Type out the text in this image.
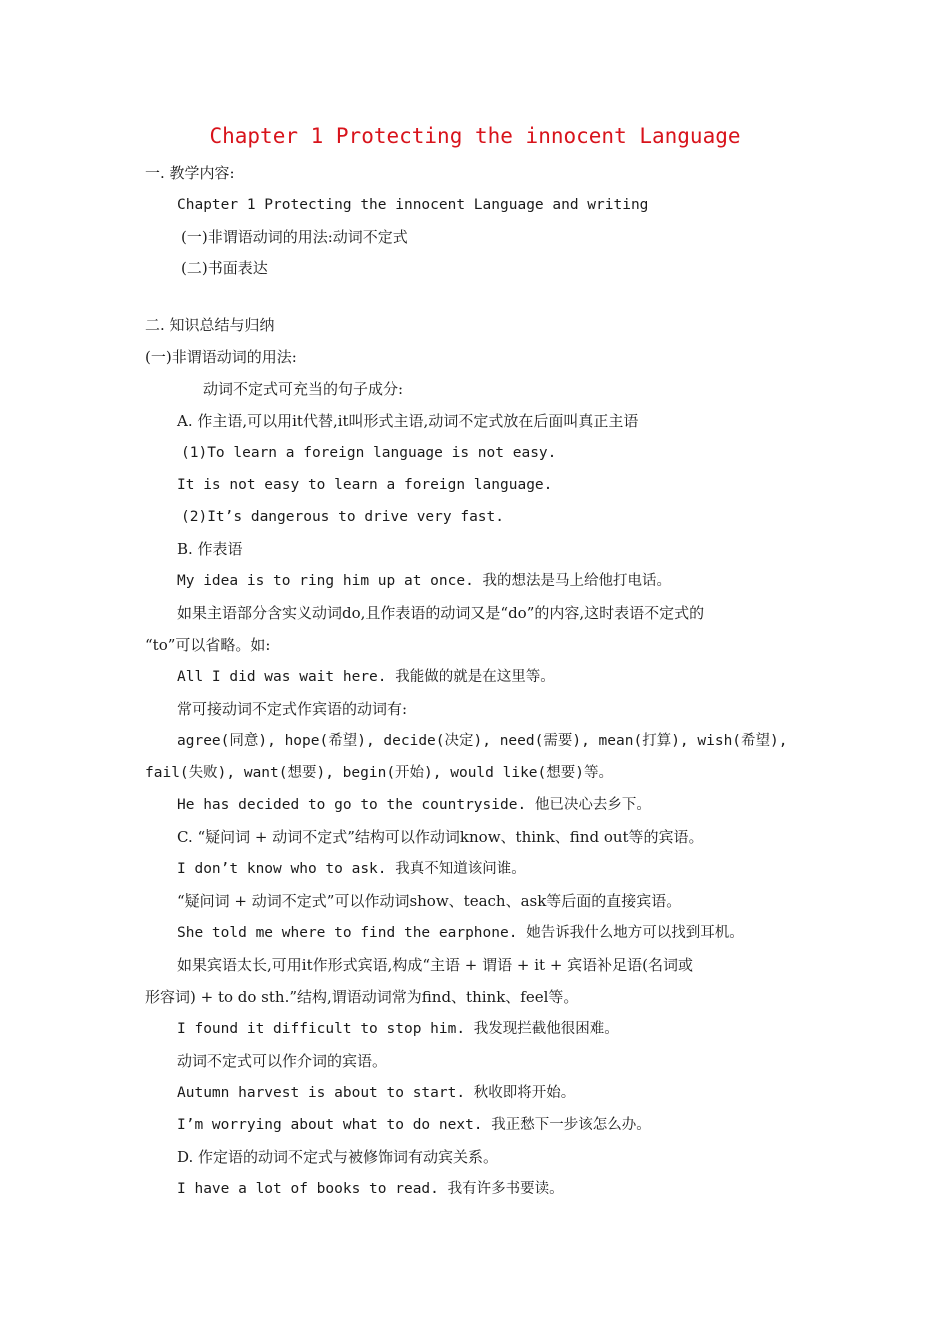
Chapter 1 Protecting the innocent Language
一. 教学内容:
Chapter 1 Protecting the innocent Language and writing
(一)非谓语动词的用法:动词不定式
(二)书面表达
二. 知识总结与归纳
(一)非谓语动词的用法:
动词不定式可充当的句子成分:
A. 作主语,可以用it代替,it叫形式主语,动词不定式放在后面叫真正主语
(1)To learn a foreign language is not easy.
It is not easy to learn a foreign language.
(2)It’s dangerous to drive very fast.
B. 作表语
My idea is to ring him up at once. 我的想法是马上给他打电话。
如果主语部分含实义动词do,且作表语的动词又是“do”的内容,这时表语不定式的
“to”可以省略。如:
All I did was wait here. 我能做的就是在这里等。
常可接动词不定式作宾语的动词有:
agree(同意), hope(希望), decide(决定), need(需要), mean(打算), wish(希望),
fail(失败), want(想要), begin(开始), would like(想要)等。
He has decided to go to the countryside. 他已决心去乡下。
C. “疑问词 + 动词不定式”结构可以作动词know、think、find out等的宾语。
I don’t know who to ask. 我真不知道该问谁。
“疑问词 + 动词不定式”可以作动词show、teach、ask等后面的直接宾语。
She told me where to find the earphone. 她告诉我什么地方可以找到耳机。
如果宾语太长,可用it作形式宾语,构成“主语 + 谓语 + it + 宾语补足语(名词或
形容词) + to do sth.”结构,谓语动词常为find、think、feel等。
I found it difficult to stop him. 我发现拦截他很困难。
动词不定式可以作介词的宾语。
Autumn harvest is about to start. 秋收即将开始。
I’m worrying about what to do next. 我正愁下一步该怎么办。
D. 作定语的动词不定式与被修饰词有动宾关系。
I have a lot of books to read. 我有许多书要读。
